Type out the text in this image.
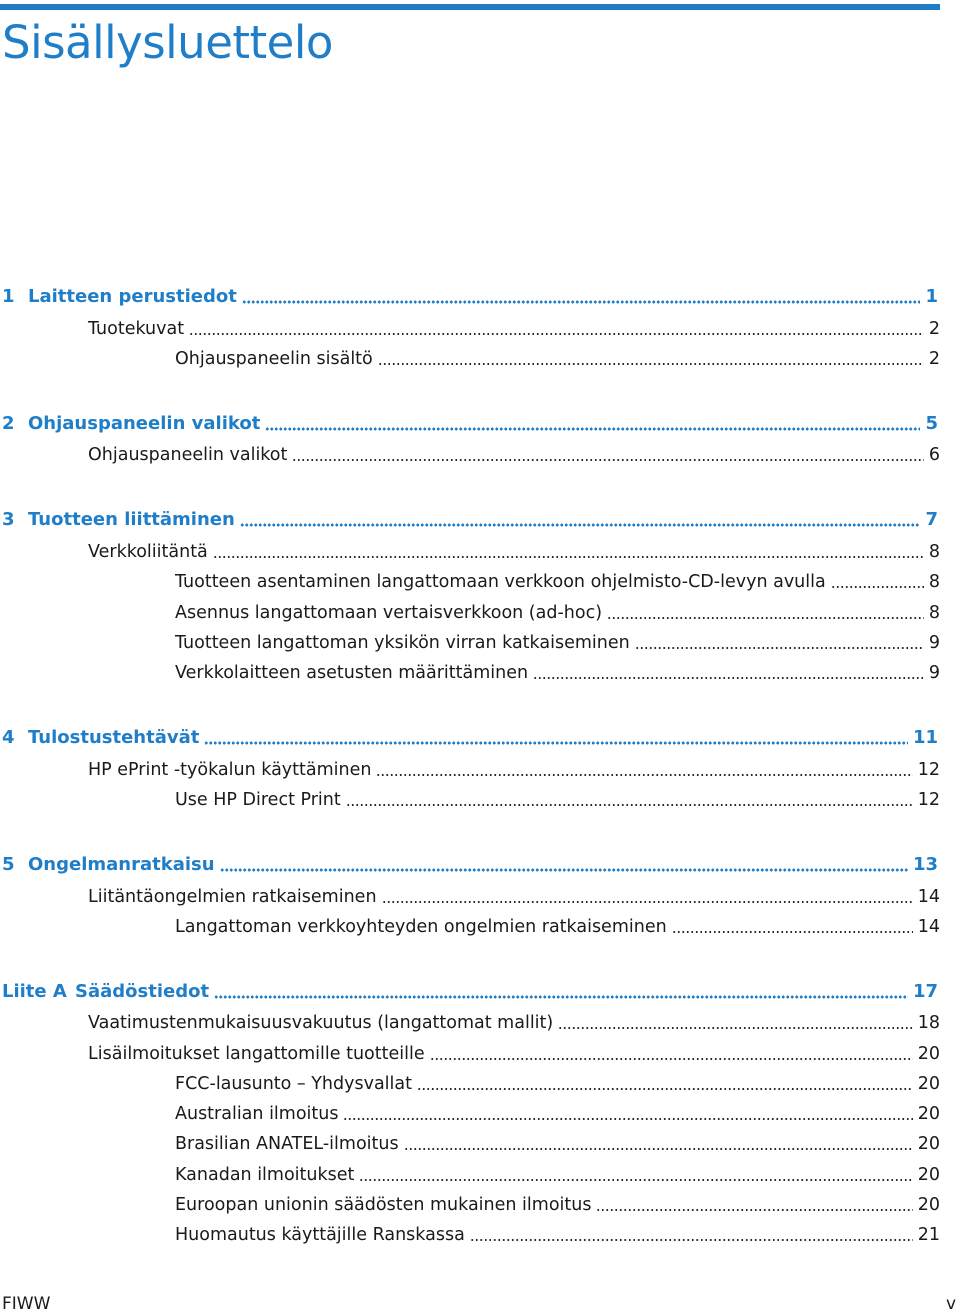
Sisällysluettelo
1 Laitteen perustiedot	1
Tuotekuvat	2
Ohjauspaneelin sisältö	2
2 Ohjauspaneelin valikot	5
Ohjauspaneelin valikot	6
3 Tuotteen liittäminen	7
Verkkoliitäntä	8
Tuotteen asentaminen langattomaan verkkoon ohjelmisto-CD-levyn avulla	8
Asennus langattomaan vertaisverkkoon (ad-hoc)	8
Tuotteen langattoman yksikön virran katkaiseminen	9
Verkkolaitteen asetusten määrittäminen	9
4 Tulostustehtävät	11
HP ePrint -työkalun käyttäminen	12
Use HP Direct Print	12
5 Ongelmanratkaisu	13
Liitäntäongelmien ratkaiseminen	14
Langattoman verkkoyhteyden ongelmien ratkaiseminen	14
Liite A Säädöstiedot	17
Vaatimustenmukaisuusvakuutus (langattomat mallit)	18
Lisäilmoitukset langattomille tuotteille	20
FCC-lausunto – Yhdysvallat	20
Australian ilmoitus	20
Brasilian ANATEL-ilmoitus	20
Kanadan ilmoitukset	20
Euroopan unionin säädösten mukainen ilmoitus	20
Huomautus käyttäjille Ranskassa	21
FIWW	v
